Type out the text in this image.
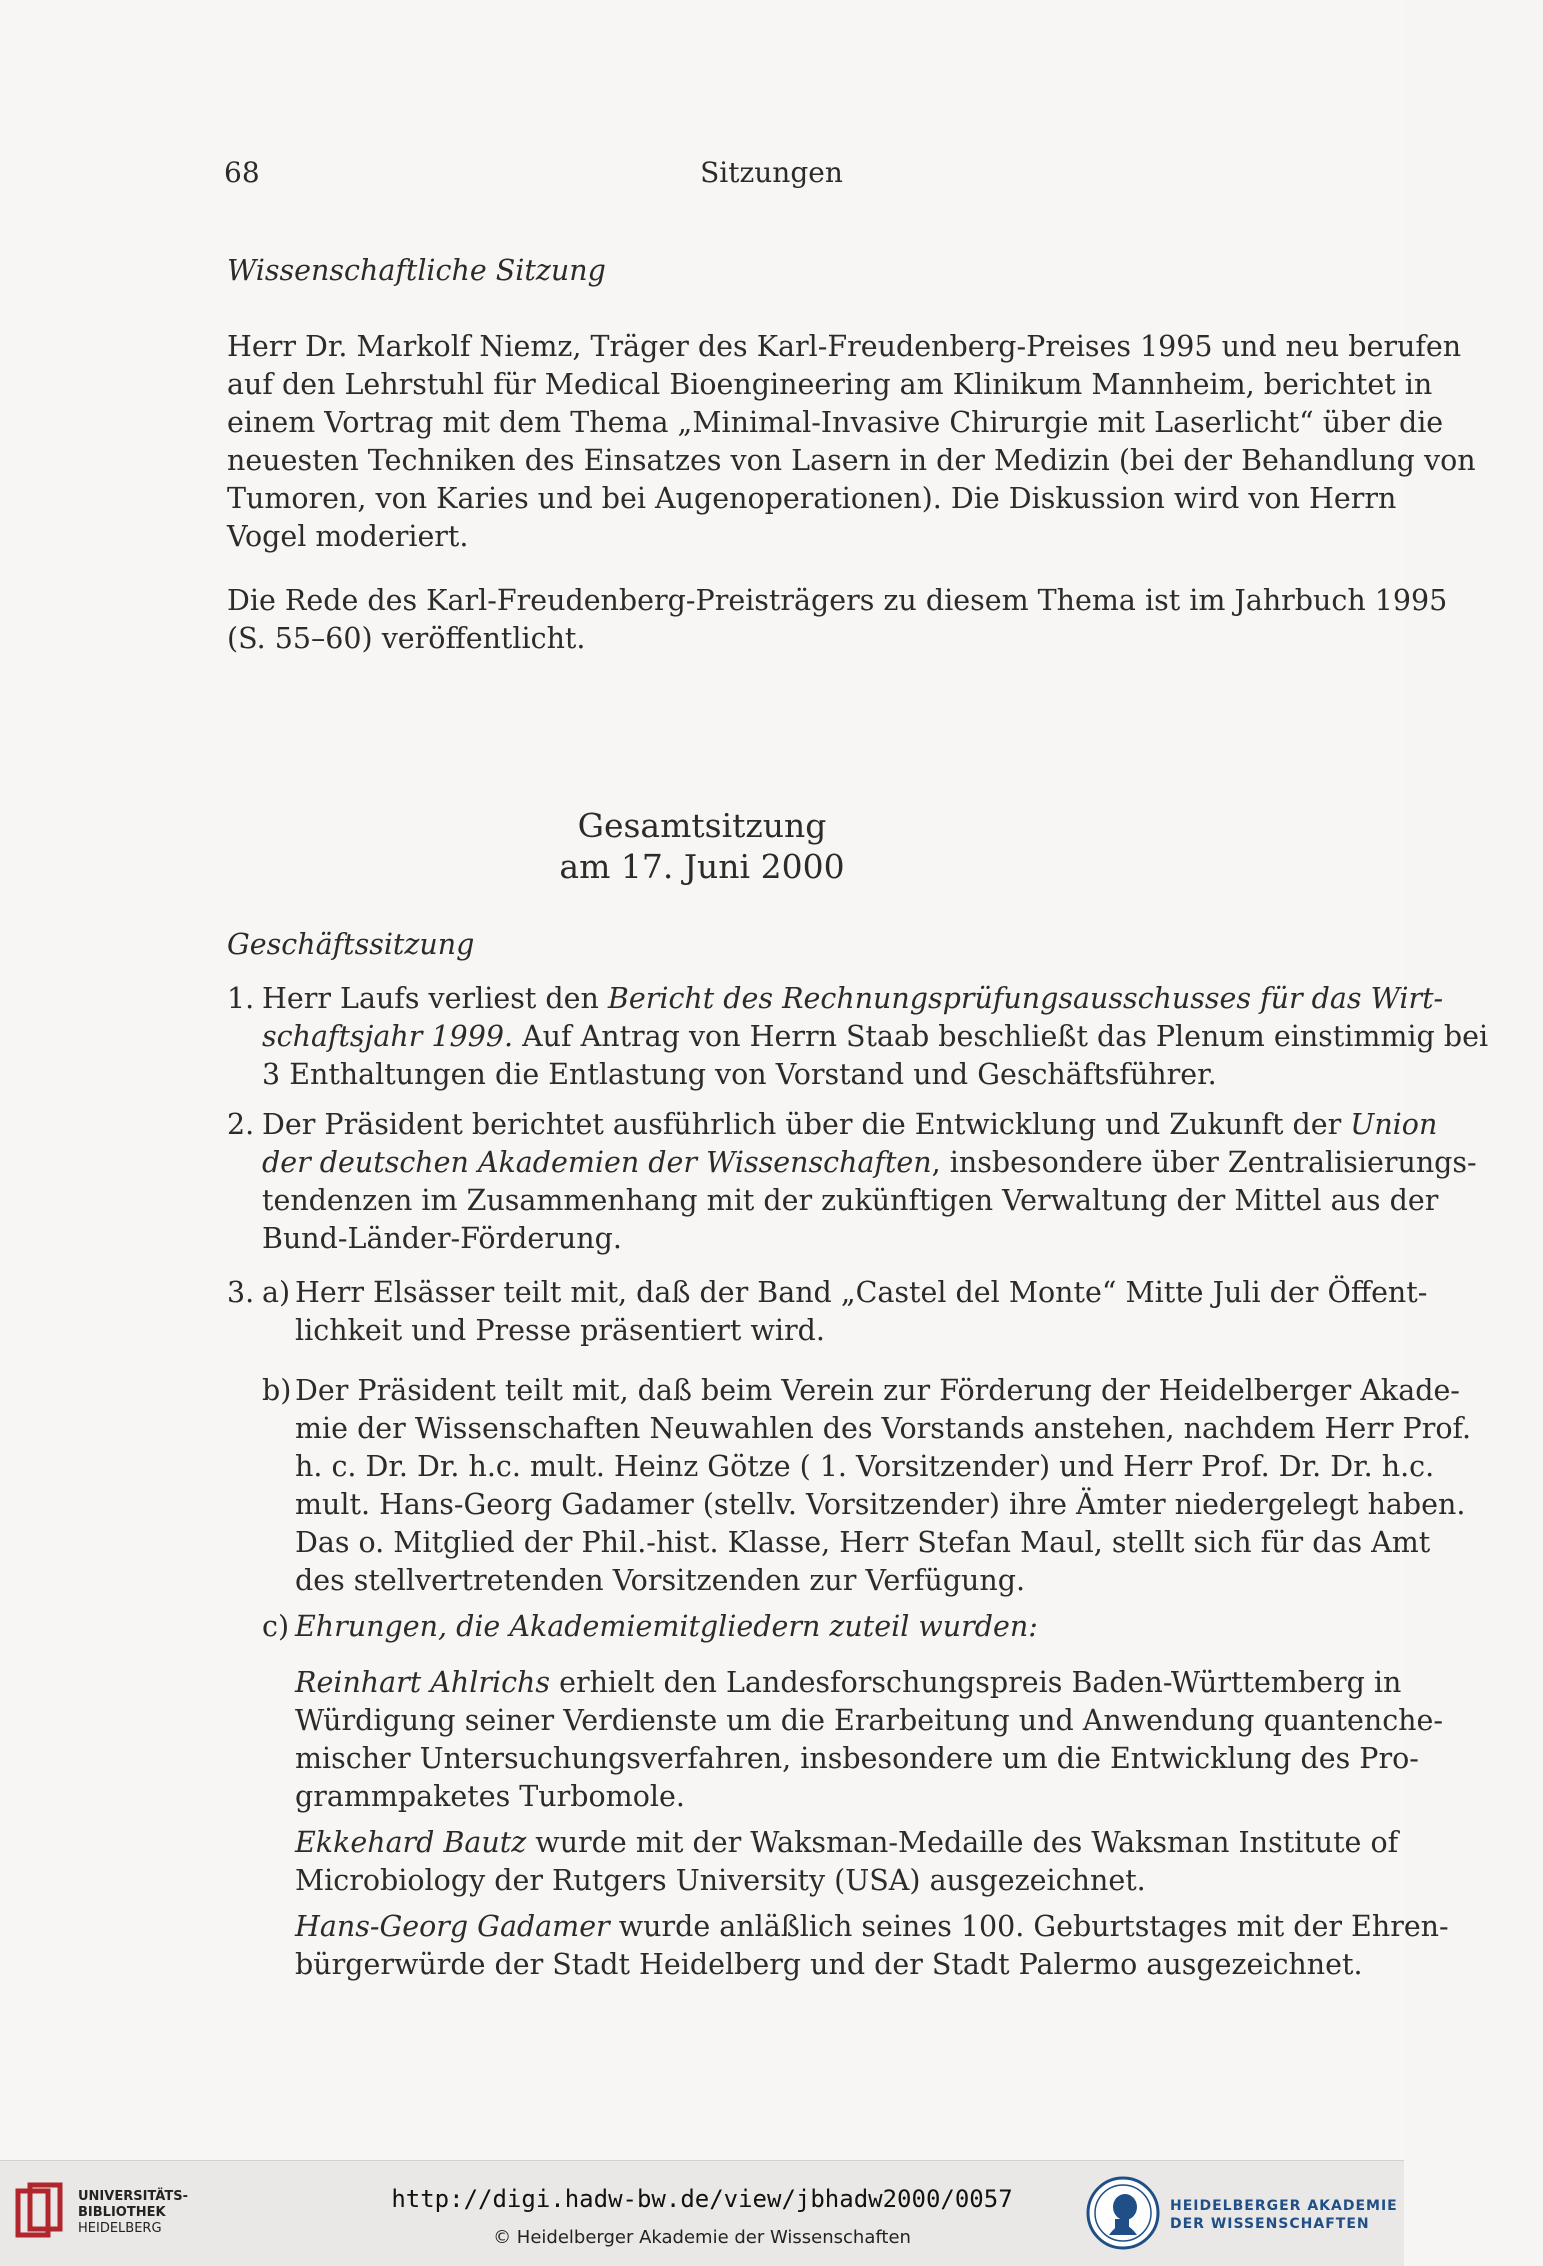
68	Sitzungen
Wissenschaftliche Sitzung
Herr Dr. Markolf Niemz, Träger des Karl-Freudenberg-Preises 1995 und neu berufen
auf den Lehrstuhl für Medical Bioengineering am Klinikum Mannheim, berichtet in
einem Vortrag mit dem Thema „Minimal-Invasive Chirurgie mit Laserlicht“ über die
neuesten Techniken des Einsatzes von Lasern in der Medizin (bei der Behandlung von
Tumoren, von Karies und bei Augenoperationen). Die Diskussion wird von Herrn
Vogel moderiert.
Die Rede des Karl-Freudenberg-Preisträgers zu diesem Thema ist im Jahrbuch 1995
(S. 55–60) veröffentlicht.
Gesamtsitzung
am 17. Juni 2000
Geschäftssitzung
1. Herr Laufs verliest den Bericht des Rechnungsprüfungsausschusses für das Wirt-
schaftsjahr 1999. Auf Antrag von Herrn Staab beschließt das Plenum einstimmig bei
3 Enthaltungen die Entlastung von Vorstand und Geschäftsführer.
2. Der Präsident berichtet ausführlich über die Entwicklung und Zukunft der Union
der deutschen Akademien der Wissenschaften, insbesondere über Zentralisierungs-
tendenzen im Zusammenhang mit der zukünftigen Verwaltung der Mittel aus der
Bund-Länder-Förderung.
3. a) Herr Elsässer teilt mit, daß der Band „Castel del Monte“ Mitte Juli der Öffent-
lichkeit und Presse präsentiert wird.
b) Der Präsident teilt mit, daß beim Verein zur Förderung der Heidelberger Akade-
mie der Wissenschaften Neuwahlen des Vorstands anstehen, nachdem Herr Prof.
h. c. Dr. Dr. h.c. mult. Heinz Götze ( 1. Vorsitzender) und Herr Prof. Dr. Dr. h.c.
mult. Hans-Georg Gadamer (stellv. Vorsitzender) ihre Ämter niedergelegt haben.
Das o. Mitglied der Phil.-hist. Klasse, Herr Stefan Maul, stellt sich für das Amt
des stellvertretenden Vorsitzenden zur Verfügung.
c) Ehrungen, die Akademiemitgliedern zuteil wurden:
Reinhart Ahlrichs erhielt den Landesforschungspreis Baden-Württemberg in
Würdigung seiner Verdienste um die Erarbeitung und Anwendung quantenche-
mischer Untersuchungsverfahren, insbesondere um die Entwicklung des Pro-
grammpaketes Turbomole.
Ekkehard Bautz wurde mit der Waksman-Medaille des Waksman Institute of
Microbiology der Rutgers University (USA) ausgezeichnet.
Hans-Georg Gadamer wurde anläßlich seines 100. Geburtstages mit der Ehren-
bürgerwürde der Stadt Heidelberg und der Stadt Palermo ausgezeichnet.
UNIVERSITÄTS-
BIBLIOTHEK
HEIDELBERG
http://digi.hadw-bw.de/view/jbhadw2000/0057
© Heidelberger Akademie der Wissenschaften
HEIDELBERGER AKADEMIE
DER WISSENSCHAFTEN
